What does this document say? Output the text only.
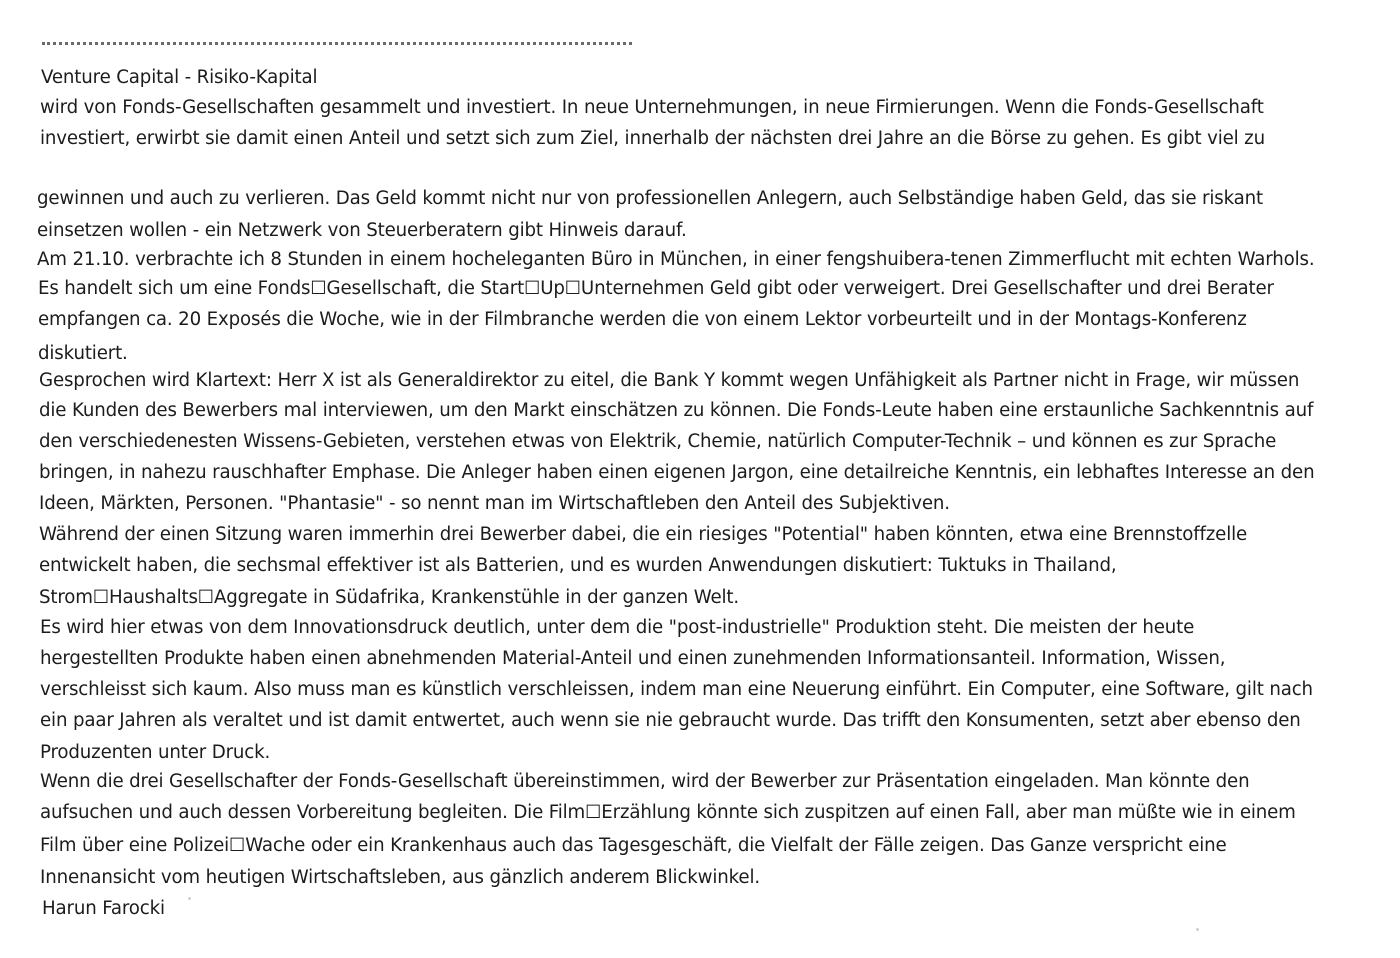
Venture Capital - Risiko-Kapital
wird von Fonds-Gesellschaften gesammelt und investiert. In neue Unternehmungen, in neue Firmierungen. Wenn die Fonds-Gesellschaft
investiert, erwirbt sie damit einen Anteil und setzt sich zum Ziel, innerhalb der nächsten drei Jahre an die Börse zu gehen. Es gibt viel zu
gewinnen und auch zu verlieren. Das Geld kommt nicht nur von professionellen Anlegern, auch Selbständige haben Geld, das sie riskant
einsetzen wollen - ein Netzwerk von Steuerberatern gibt Hinweis darauf.
Am 21.10. verbrachte ich 8 Stunden in einem hocheleganten Büro in München, in einer fengshuibera-tenen Zimmerflucht mit echten Warhols.
Es handelt sich um eine Fonds☐Gesellschaft, die Start☐Up☐Unternehmen Geld gibt oder verweigert. Drei Gesellschafter und drei Berater
empfangen ca. 20 Exposés die Woche, wie in der Filmbranche werden die von einem Lektor vorbeurteilt und in der Montags-Konferenz
diskutiert.
Gesprochen wird Klartext: Herr X ist als Generaldirektor zu eitel, die Bank Y kommt wegen Unfähigkeit als Partner nicht in Frage, wir müssen
die Kunden des Bewerbers mal interviewen, um den Markt einschätzen zu können. Die Fonds-Leute haben eine erstaunliche Sachkenntnis auf
den verschiedenesten Wissens-Gebieten, verstehen etwas von Elektrik, Chemie, natürlich Computer-Technik – und können es zur Sprache
bringen, in nahezu rauschhafter Emphase. Die Anleger haben einen eigenen Jargon, eine detailreiche Kenntnis, ein lebhaftes Interesse an den
Ideen, Märkten, Personen. "Phantasie" - so nennt man im Wirtschaftleben den Anteil des Subjektiven.
Während der einen Sitzung waren immerhin drei Bewerber dabei, die ein riesiges "Potential" haben könnten, etwa eine Brennstoffzelle
entwickelt haben, die sechsmal effektiver ist als Batterien, und es wurden Anwendungen diskutiert: Tuktuks in Thailand,
Strom☐Haushalts☐Aggregate in Südafrika, Krankenstühle in der ganzen Welt.
Es wird hier etwas von dem Innovationsdruck deutlich, unter dem die "post-industrielle" Produktion steht. Die meisten der heute
hergestellten Produkte haben einen abnehmenden Material-Anteil und einen zunehmenden Informationsanteil. Information, Wissen,
verschleisst sich kaum. Also muss man es künstlich verschleissen, indem man eine Neuerung einführt. Ein Computer, eine Software, gilt nach
ein paar Jahren als veraltet und ist damit entwertet, auch wenn sie nie gebraucht wurde. Das trifft den Konsumenten, setzt aber ebenso den
Produzenten unter Druck.
Wenn die drei Gesellschafter der Fonds-Gesellschaft übereinstimmen, wird der Bewerber zur Präsentation eingeladen. Man könnte den
aufsuchen und auch dessen Vorbereitung begleiten. Die Film☐Erzählung könnte sich zuspitzen auf einen Fall, aber man müßte wie in einem
Film über eine Polizei☐Wache oder ein Krankenhaus auch das Tagesgeschäft, die Vielfalt der Fälle zeigen. Das Ganze verspricht eine
Innenansicht vom heutigen Wirtschaftsleben, aus gänzlich anderem Blickwinkel.
Harun Farocki
